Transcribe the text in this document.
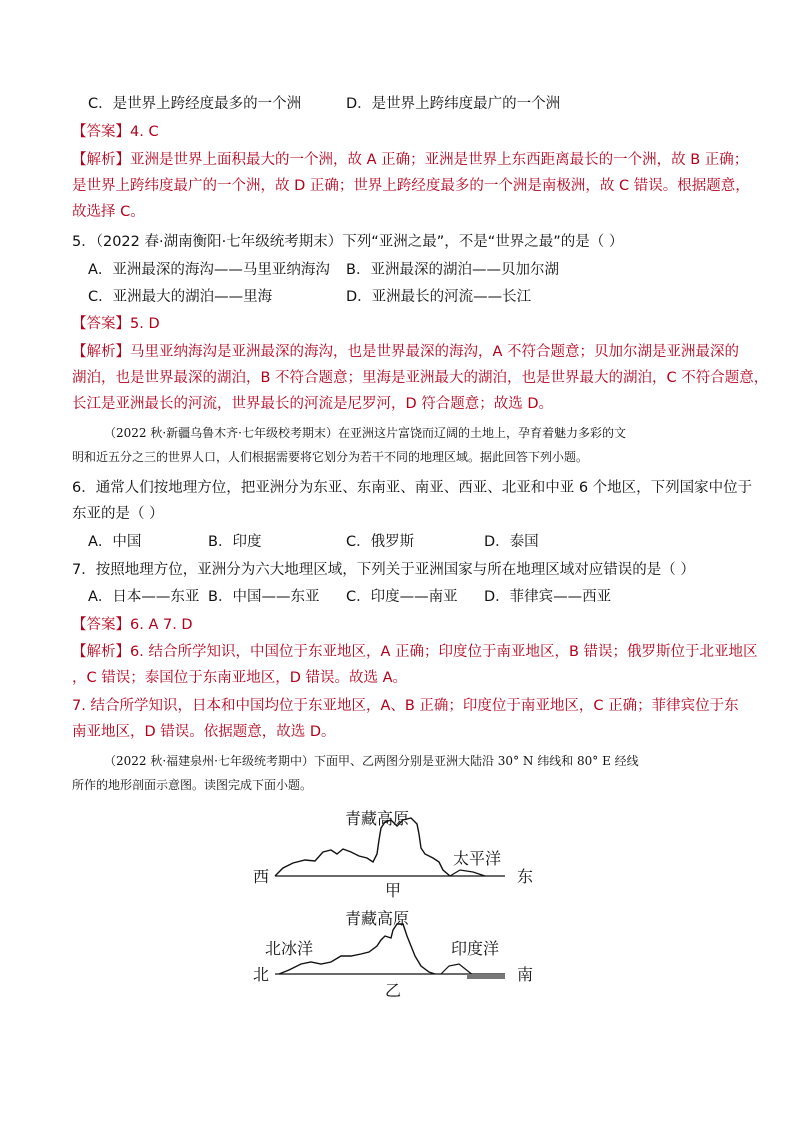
C．是世界上跨经度最多的一个洲	D．是世界上跨纬度最广的一个洲
【答案】4. C
【解析】亚洲是世界上面积最大的一个洲，故 A 正确；亚洲是世界上东西距离最长的一个洲，故 B 正确；
是世界上跨纬度最广的一个洲，故 D 正确；世界上跨经度最多的一个洲是南极洲，故 C 错误。根据题意，
故选择 C。
5．（2022 春·湖南衡阳·七年级统考期末）下列“亚洲之最”，不是“世界之最”的是（ ）
A．亚洲最深的海沟——马里亚纳海沟 B．亚洲最深的湖泊——贝加尔湖
C．亚洲最大的湖泊——里海	D．亚洲最长的河流——长江
【答案】5. D
【解析】马里亚纳海沟是亚洲最深的海沟，也是世界最深的海沟，A 不符合题意；贝加尔湖是亚洲最深的
湖泊，也是世界最深的湖泊，B 不符合题意；里海是亚洲最大的湖泊，也是世界最大的湖泊，C 不符合题意，
长江是亚洲最长的河流，世界最长的河流是尼罗河，D 符合题意；故选 D。
（2022 秋·新疆乌鲁木齐·七年级校考期末）在亚洲这片富饶而辽阔的土地上，孕育着魅力多彩的文
明和近五分之三的世界人口，人们根据需要将它划分为若干不同的地理区域。据此回答下列小题。
6．通常人们按地理方位，把亚洲分为东亚、东南亚、南亚、西亚、北亚和中亚 6 个地区，下列国家中位于
东亚的是（ ）
A．中国	B．印度	C．俄罗斯	D．泰国
7．按照地理方位，亚洲分为六大地理区域，下列关于亚洲国家与所在地理区域对应错误的是（ ）
A．日本——东亚 B．中国——东亚 C．印度——南亚 D．菲律宾——西亚
【答案】6. A 7. D
【解析】6. 结合所学知识，中国位于东亚地区，A 正确；印度位于南亚地区，B 错误；俄罗斯位于北亚地区
，C 错误；泰国位于东南亚地区，D 错误。故选 A。
7. 结合所学知识，日本和中国均位于东亚地区，A、B 正确；印度位于南亚地区，C 正确；菲律宾位于东
南亚地区，D 错误。依据题意，故选 D。
（2022 秋·福建泉州·七年级统考期中）下面甲、乙两图分别是亚洲大陆沿 30° N 纬线和 80° E 经线
所作的地形剖面示意图。读图完成下面小题。
青藏高原
西	东
太平洋
甲
青藏高原
北冰洋	印度洋
北	南
乙
